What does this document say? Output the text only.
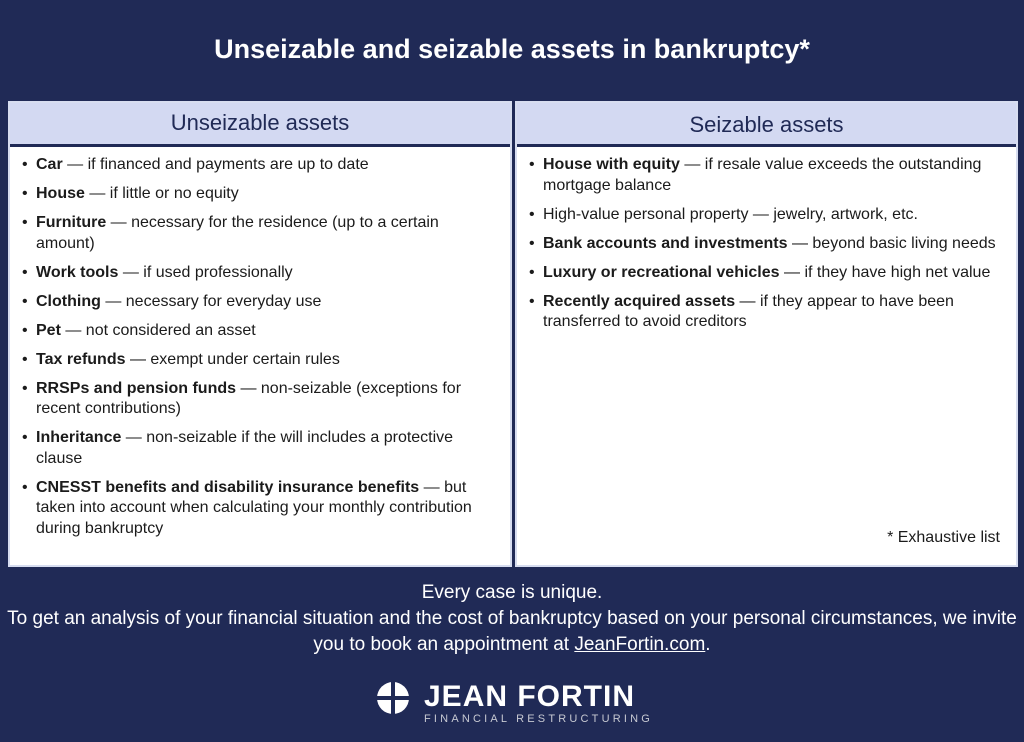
Unseizable and seizable assets in bankruptcy*
Unseizable assets
• Car — if financed and payments are up to date
• House — if little or no equity
• Furniture — necessary for the residence (up to a certain amount)
• Work tools — if used professionally
• Clothing — necessary for everyday use
• Pet — not considered an asset
• Tax refunds — exempt under certain rules
• RRSPs and pension funds — non-seizable (exceptions for recent contributions)
• Inheritance — non-seizable if the will includes a protective clause
• CNESST benefits and disability insurance benefits — but taken into account when calculating your monthly contribution during bankruptcy
Seizable assets
• House with equity — if resale value exceeds the outstanding mortgage balance
• High-value personal property — jewelry, artwork, etc.
• Bank accounts and investments — beyond basic living needs
• Luxury or recreational vehicles — if they have high net value
• Recently acquired assets — if they appear to have been transferred to avoid creditors
* Exhaustive list
Every case is unique.
To get an analysis of your financial situation and the cost of bankruptcy based on your personal circumstances, we invite you to book an appointment at JeanFortin.com.
JEAN FORTIN
FINANCIAL RESTRUCTURING
